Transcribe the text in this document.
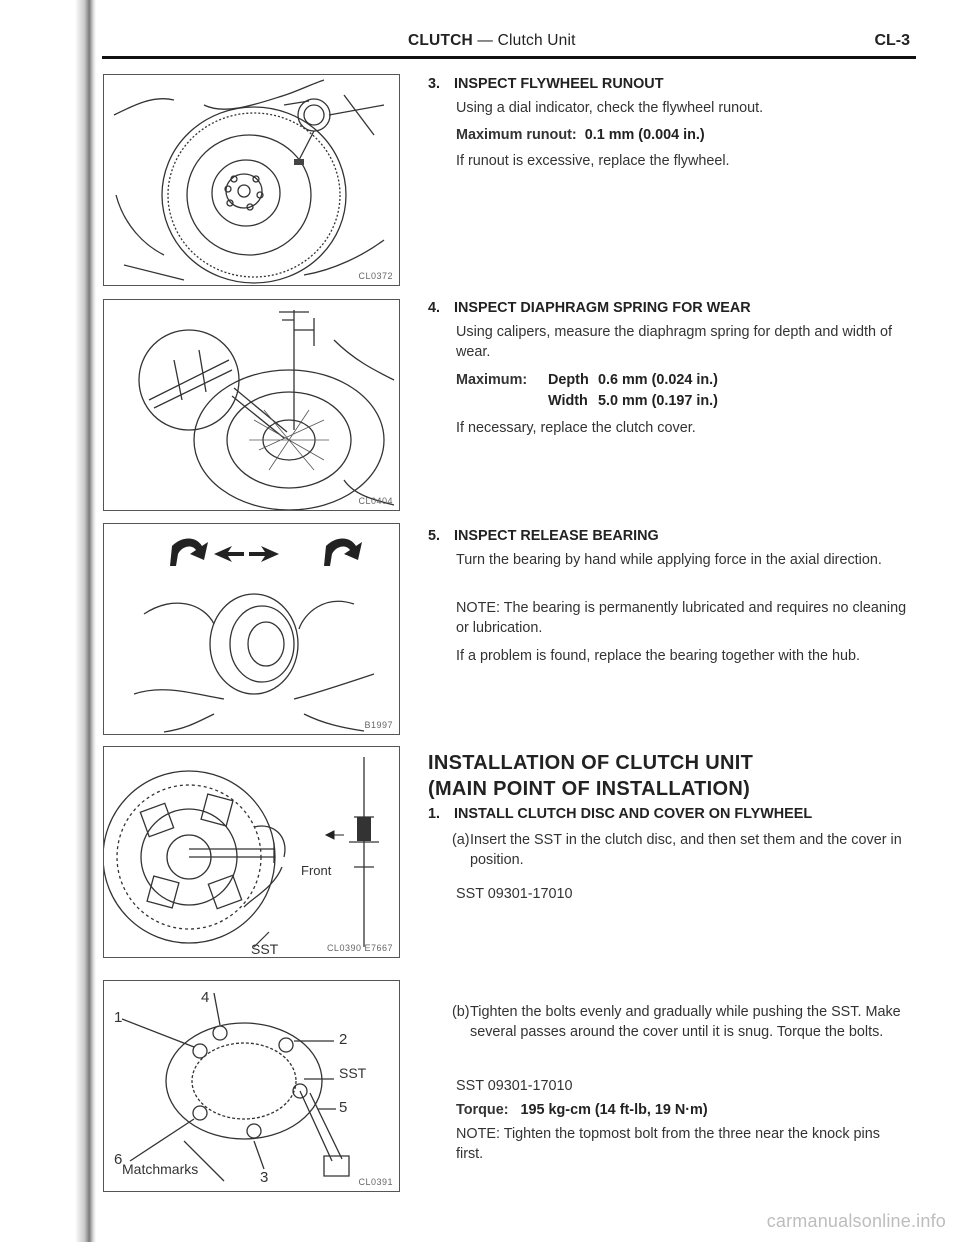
CLUTCH — Clutch Unit	CL-3
CL0372
CL0404
B1997
Front
SST	CL0390 E7667
4
1
2
SST
5
6
3
Matchmarks
CL0391
3. INSPECT FLYWHEEL RUNOUT
Using a dial indicator, check the flywheel runout.
Maximum runout: 0.1 mm (0.004 in.)
If runout is excessive, replace the flywheel.
4. INSPECT DIAPHRAGM SPRING FOR WEAR
Using calipers, measure the diaphragm spring for depth and width of wear.
Maximum: Depth 0.6 mm (0.024 in.)
Width 5.0 mm (0.197 in.)
If necessary, replace the clutch cover.
5. INSPECT RELEASE BEARING
Turn the bearing by hand while applying force in the axial direction.
NOTE: The bearing is permanently lubricated and requires no cleaning or lubrication.
If a problem is found, replace the bearing together with the hub.
INSTALLATION OF CLUTCH UNIT
(MAIN POINT OF INSTALLATION)
1. INSTALL CLUTCH DISC AND COVER ON FLYWHEEL
(a) Insert the SST in the clutch disc, and then set them and the cover in position.
SST 09301-17010
(b) Tighten the bolts evenly and gradually while pushing the SST. Make several passes around the cover until it is snug. Torque the bolts.
SST 09301-17010
Torque: 195 kg-cm (14 ft-lb, 19 N·m)
NOTE: Tighten the topmost bolt from the three near the knock pins first.
carmanualsonline.info
